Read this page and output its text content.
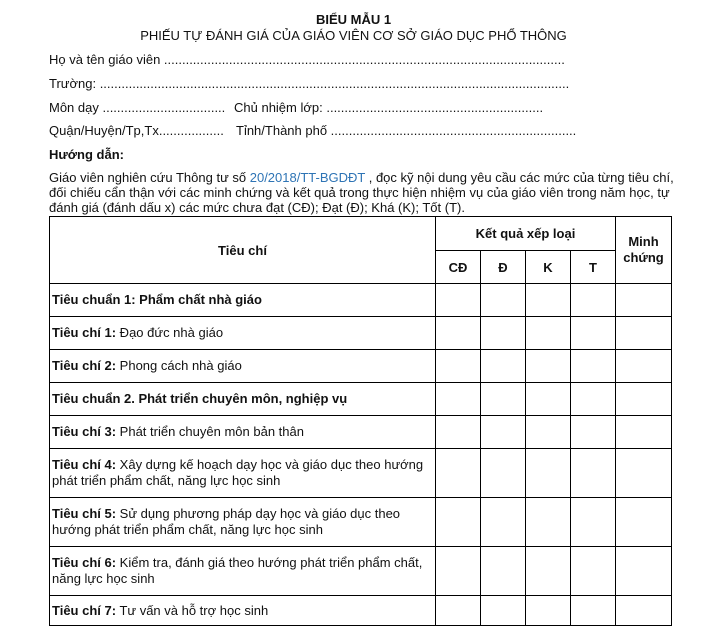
BIỂU MẪU 1
PHIẾU TỰ ĐÁNH GIÁ CỦA GIÁO VIÊN CƠ SỞ GIÁO DỤC PHỔ THÔNG
Họ và tên giáo viên ...............................................................................................................
Trường: ..................................................................................................................................
Môn dạy .................................. Chủ nhiệm lớp: ............................................................
Quận/Huyện/Tp,Tx.................. Tỉnh/Thành phố ....................................................................
Hướng dẫn:
Giáo viên nghiên cứu Thông tư số 20/2018/TT-BGDĐT , đọc kỹ nội dung yêu cầu các mức của từng tiêu chí, đối chiếu cẩn thận với các minh chứng và kết quả trong thực hiện nhiệm vụ của giáo viên trong năm học, tự đánh giá (đánh dấu x) các mức chưa đạt (CĐ); Đạt (Đ); Khá (K); Tốt (T).
Tiêu chí	Kết quả xếp loại				Minh chứng
	CĐ	Đ	K	T	
Tiêu chuẩn 1: Phẩm chất nhà giáo					
Tiêu chí 1: Đạo đức nhà giáo					
Tiêu chí 2: Phong cách nhà giáo					
Tiêu chuẩn 2. Phát triển chuyên môn, nghiệp vụ					
Tiêu chí 3: Phát triển chuyên môn bản thân					
Tiêu chí 4: Xây dựng kế hoạch dạy học và giáo dục theo hướng phát triển phẩm chất, năng lực học sinh					
Tiêu chí 5: Sử dụng phương pháp dạy học và giáo dục theo hướng phát triển phẩm chất, năng lực học sinh					
Tiêu chí 6: Kiểm tra, đánh giá theo hướng phát triển phẩm chất, năng lực học sinh					
Tiêu chí 7: Tư vấn và hỗ trợ học sinh					
